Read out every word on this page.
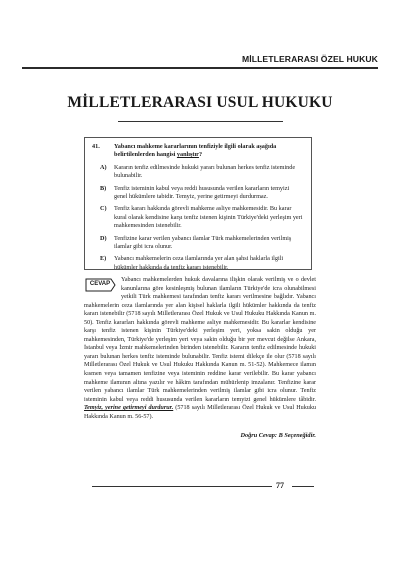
MİLLETLERARASI ÖZEL HUKUK
MİLLETLERARASI USUL HUKUKU
41. Yabancı mahkeme kararlarının tenfiziyle ilgili olarak aşağıda belirtilenlerden hangisi yanlıştır?
A)	Kararın tenfiz edilmesinde hukuki yararı bulunan herkes tenfiz isteminde bulunabilir.
B)	Tenfiz isteminin kabul veya reddi hususunda verilen kararların temyizi genel hükümlere tabidir. Temyiz, yerine getirmeyi durdurmaz.
C)	Tenfiz kararı hakkında görevli mahkeme asliye mahkemesidir. Bu karar kural olarak kendisine karşı tenfiz istenen kişinin Türkiye'deki yerleşim yeri mahkemesinden istenebilir.
D)	Tenfizine karar verilen yabancı ilamlar Türk mahkemelerinden verilmiş ilamlar gibi icra olunur.
E)	Yabancı mahkemelerin ceza ilamlarında yer alan şahsi haklarla ilgili hükümler hakkında da tenfiz kararı istenebilir.

CEVAP
Yabancı mahkemelerden hukuk davalarına ilişkin olarak verilmiş ve o devlet kanunlarına göre kesinleşmiş bulunan ilamların Türkiye'de icra olunabilmesi yetkili Türk mahkemesi tarafından tenfiz kararı verilmesine bağlıdır. Yabancı mahkemelerin ceza ilamlarında yer alan kişisel haklarla ilgili hükümler hakkında da tenfiz kararı istenebilir (5718 sayılı Milletlerarası Özel Hukuk ve Usul Hukuku Hakkında Kanun m. 50). Tenfiz kararları hakkında görevli mahkeme asliye mahkemesidir. Bu kararlar kendisine karşı tenfiz istenen kişinin Türkiye'deki yerleşim yeri, yoksa sakin olduğu yer mahkemesinden, Türkiye'de yerleşim yeri veya sakin olduğu bir yer mevcut değilse Ankara, İstanbul veya İzmir mahkemelerinden birinden istenebilir. Kararın tenfiz edilmesinde hukuki yararı bulunan herkes tenfiz isteminde bulunabilir. Tenfiz istemi dilekçe ile olur (5718 sayılı Milletlerarası Özel Hukuk ve Usul Hukuku Hakkında Kanun m. 51-52). Mahkemece ilamın kısmen veya tamamen tenfizine veya isteminin reddine karar verilebilir. Bu karar yabancı mahkeme ilamının altına yazılır ve hâkim tarafından mühürlenip imzalanır. Tenfizine karar verilen yabancı ilamlar Türk mahkemelerinden verilmiş ilamlar gibi icra olunur. Tenfiz isteminin kabul veya reddi hususunda verilen kararların temyizi genel hükümlere tâbidir. Temyiz, yerine getirmeyi durdurur. (5718 sayılı Milletlerarası Özel Hukuk ve Usul Hukuku Hakkında Kanun m. 56-57).

Doğru Cevap: B Seçeneğidir.
77
